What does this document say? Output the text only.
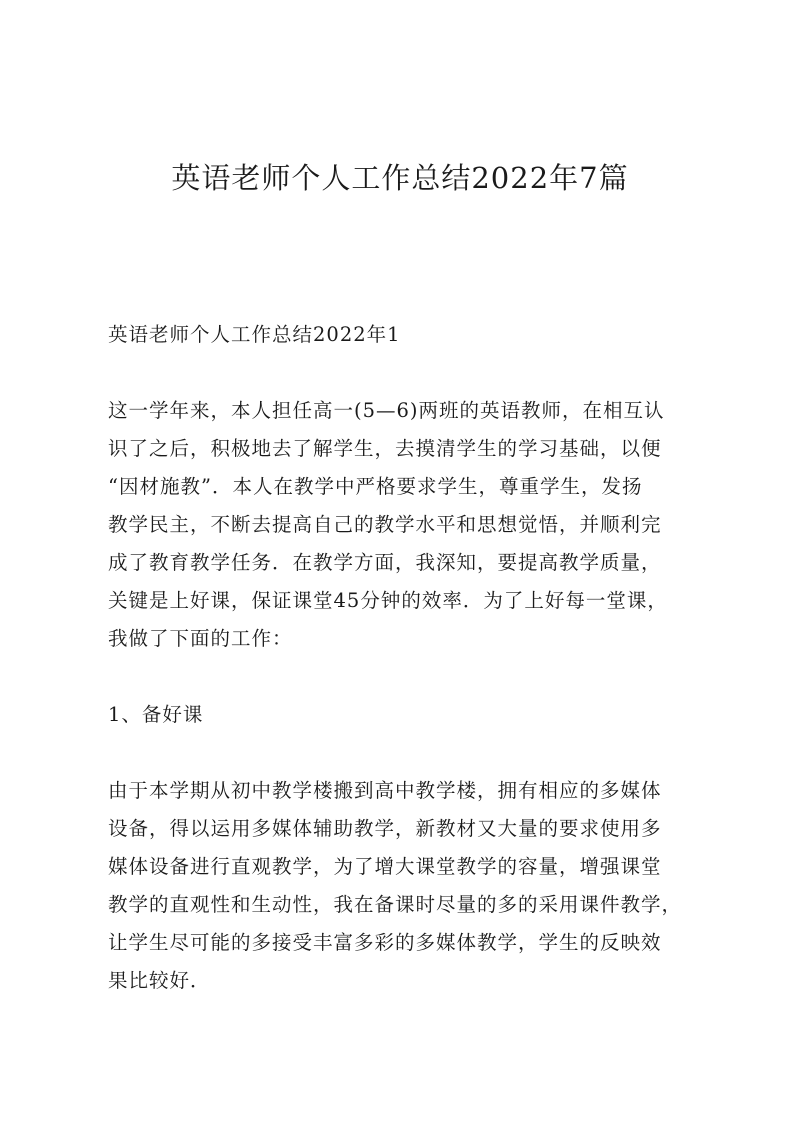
英语老师个人工作总结2022年7篇

英语老师个人工作总结2022年1

这一学年来，本人担任高一(5—6)两班的英语教师，在相互认
识了之后，积极地去了解学生，去摸清学生的学习基础，以便
“因材施教”．本人在教学中严格要求学生，尊重学生，发扬
教学民主，不断去提高自己的教学水平和思想觉悟，并顺利完
成了教育教学任务．在教学方面，我深知，要提高教学质量，
关键是上好课，保证课堂45分钟的效率．为了上好每一堂课，
我做了下面的工作：

1、备好课

由于本学期从初中教学楼搬到高中教学楼，拥有相应的多媒体
设备，得以运用多媒体辅助教学，新教材又大量的要求使用多
媒体设备进行直观教学，为了增大课堂教学的容量，增强课堂
教学的直观性和生动性，我在备课时尽量的多的采用课件教学，
让学生尽可能的多接受丰富多彩的多媒体教学，学生的反映效
果比较好．
